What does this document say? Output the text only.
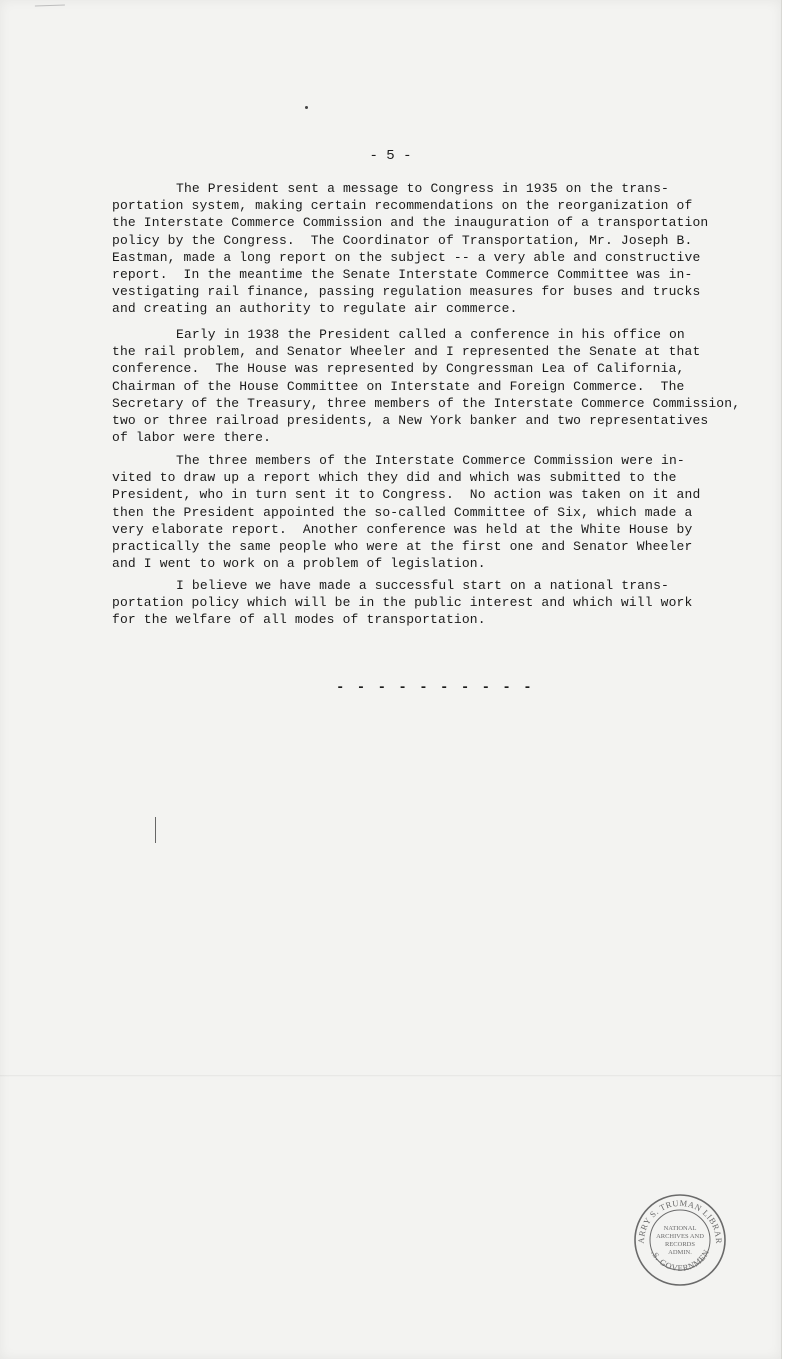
- 5 -

The President sent a message to Congress in 1935 on the trans-
portation system, making certain recommendations on the reorganization of
the Interstate Commerce Commission and the inauguration of a transportation
policy by the Congress.  The Coordinator of Transportation, Mr. Joseph B.
Eastman, made a long report on the subject -- a very able and constructive
report.  In the meantime the Senate Interstate Commerce Committee was in-
vestigating rail finance, passing regulation measures for buses and trucks
and creating an authority to regulate air commerce.

Early in 1938 the President called a conference in his office on
the rail problem, and Senator Wheeler and I represented the Senate at that
conference.  The House was represented by Congressman Lea of California,
Chairman of the House Committee on Interstate and Foreign Commerce.  The
Secretary of the Treasury, three members of the Interstate Commerce Commission,
two or three railroad presidents, a New York banker and two representatives
of labor were there.

The three members of the Interstate Commerce Commission were in-
vited to draw up a report which they did and which was submitted to the
President, who in turn sent it to Congress.  No action was taken on it and
then the President appointed the so-called Committee of Six, which made a
very elaborate report.  Another conference was held at the White House by
practically the same people who were at the first one and Senator Wheeler
and I went to work on a problem of legislation.

I believe we have made a successful start on a national trans-
portation policy which will be in the public interest and which will work
for the welfare of all modes of transportation.

- - - - - - - - - -
ARRY S. TRUMAN LIBRAR
.S. GOVERNMEN
NATIONAL
ARCHIVES AND
RECORDS
ADMIN.
